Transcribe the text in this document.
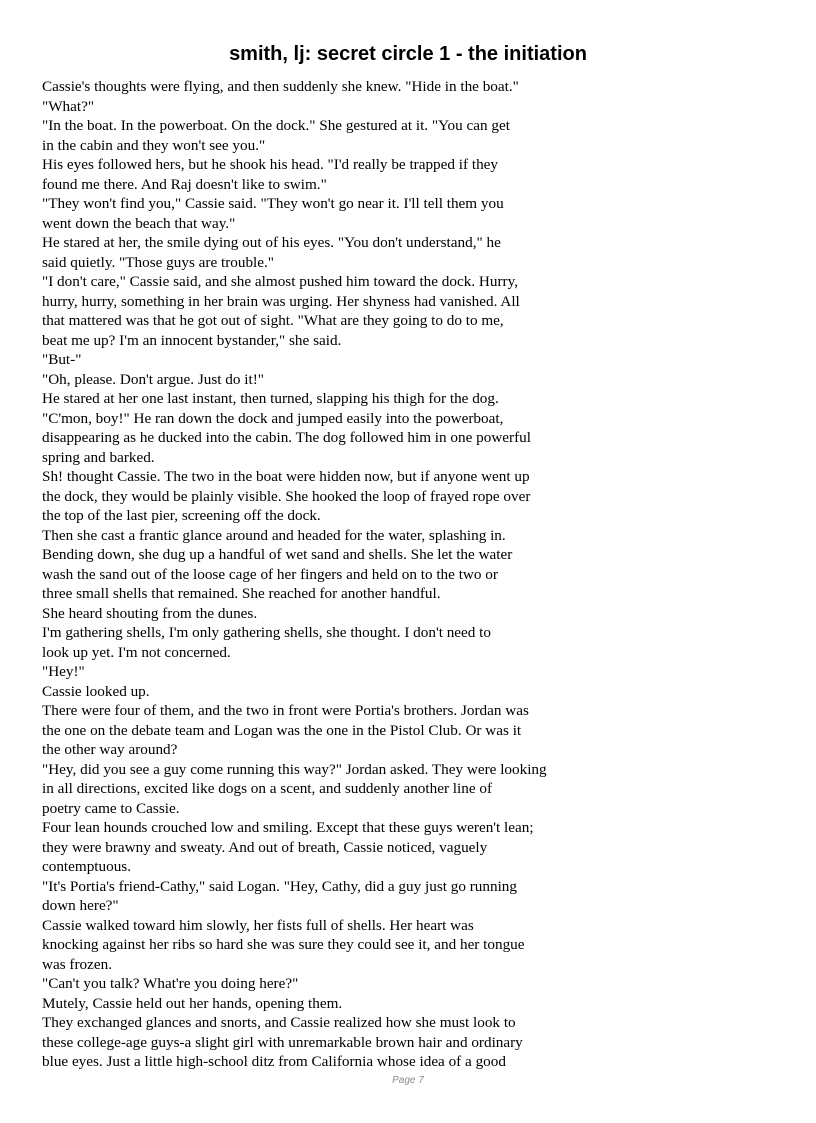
smith, lj: secret circle 1 - the initiation
Cassie's thoughts were flying, and then suddenly she knew. "Hide in the boat."
"What?"
"In the boat. In the powerboat. On the dock." She gestured at it. "You can get
in the cabin and they won't see you."
His eyes followed hers, but he shook his head. "I'd really be trapped if they
found me there. And Raj doesn't like to swim."
"They won't find you," Cassie said. "They won't go near it. I'll tell them you
went down the beach that way."
He stared at her, the smile dying out of his eyes. "You don't understand," he
said quietly. "Those guys are trouble."
"I don't care," Cassie said, and she almost pushed him toward the dock. Hurry,
hurry, hurry, something in her brain was urging. Her shyness had vanished. All
that mattered was that he got out of sight. "What are they going to do to me,
beat me up? I'm an innocent bystander," she said.
"But-"
"Oh, please. Don't argue. Just do it!"
He stared at her one last instant, then turned, slapping his thigh for the dog.
"C'mon, boy!" He ran down the dock and jumped easily into the powerboat,
disappearing as he ducked into the cabin. The dog followed him in one powerful
spring and barked.
Sh! thought Cassie. The two in the boat were hidden now, but if anyone went up
the dock, they would be plainly visible. She hooked the loop of frayed rope over
the top of the last pier, screening off the dock.
Then she cast a frantic glance around and headed for the water, splashing in.
Bending down, she dug up a handful of wet sand and shells. She let the water
wash the sand out of the loose cage of her fingers and held on to the two or
three small shells that remained. She reached for another handful.
She heard shouting from the dunes.
I'm gathering shells, I'm only gathering shells, she thought. I don't need to
look up yet. I'm not concerned.
"Hey!"
Cassie looked up.
There were four of them, and the two in front were Portia's brothers. Jordan was
the one on the debate team and Logan was the one in the Pistol Club. Or was it
the other way around?
"Hey, did you see a guy come running this way?" Jordan asked. They were looking
in all directions, excited like dogs on a scent, and suddenly another line of
poetry came to Cassie.
Four lean hounds crouched low and smiling. Except that these guys weren't lean;
they were brawny and sweaty. And out of breath, Cassie noticed, vaguely
contemptuous.
"It's Portia's friend-Cathy," said Logan. "Hey, Cathy, did a guy just go running
down here?"
Cassie walked toward him slowly, her fists full of shells. Her heart was
knocking against her ribs so hard she was sure they could see it, and her tongue
was frozen.
"Can't you talk? What're you doing here?"
Mutely, Cassie held out her hands, opening them.
They exchanged glances and snorts, and Cassie realized how she must look to
these college-age guys-a slight girl with unremarkable brown hair and ordinary
blue eyes. Just a little high-school ditz from California whose idea of a good
Page 7
